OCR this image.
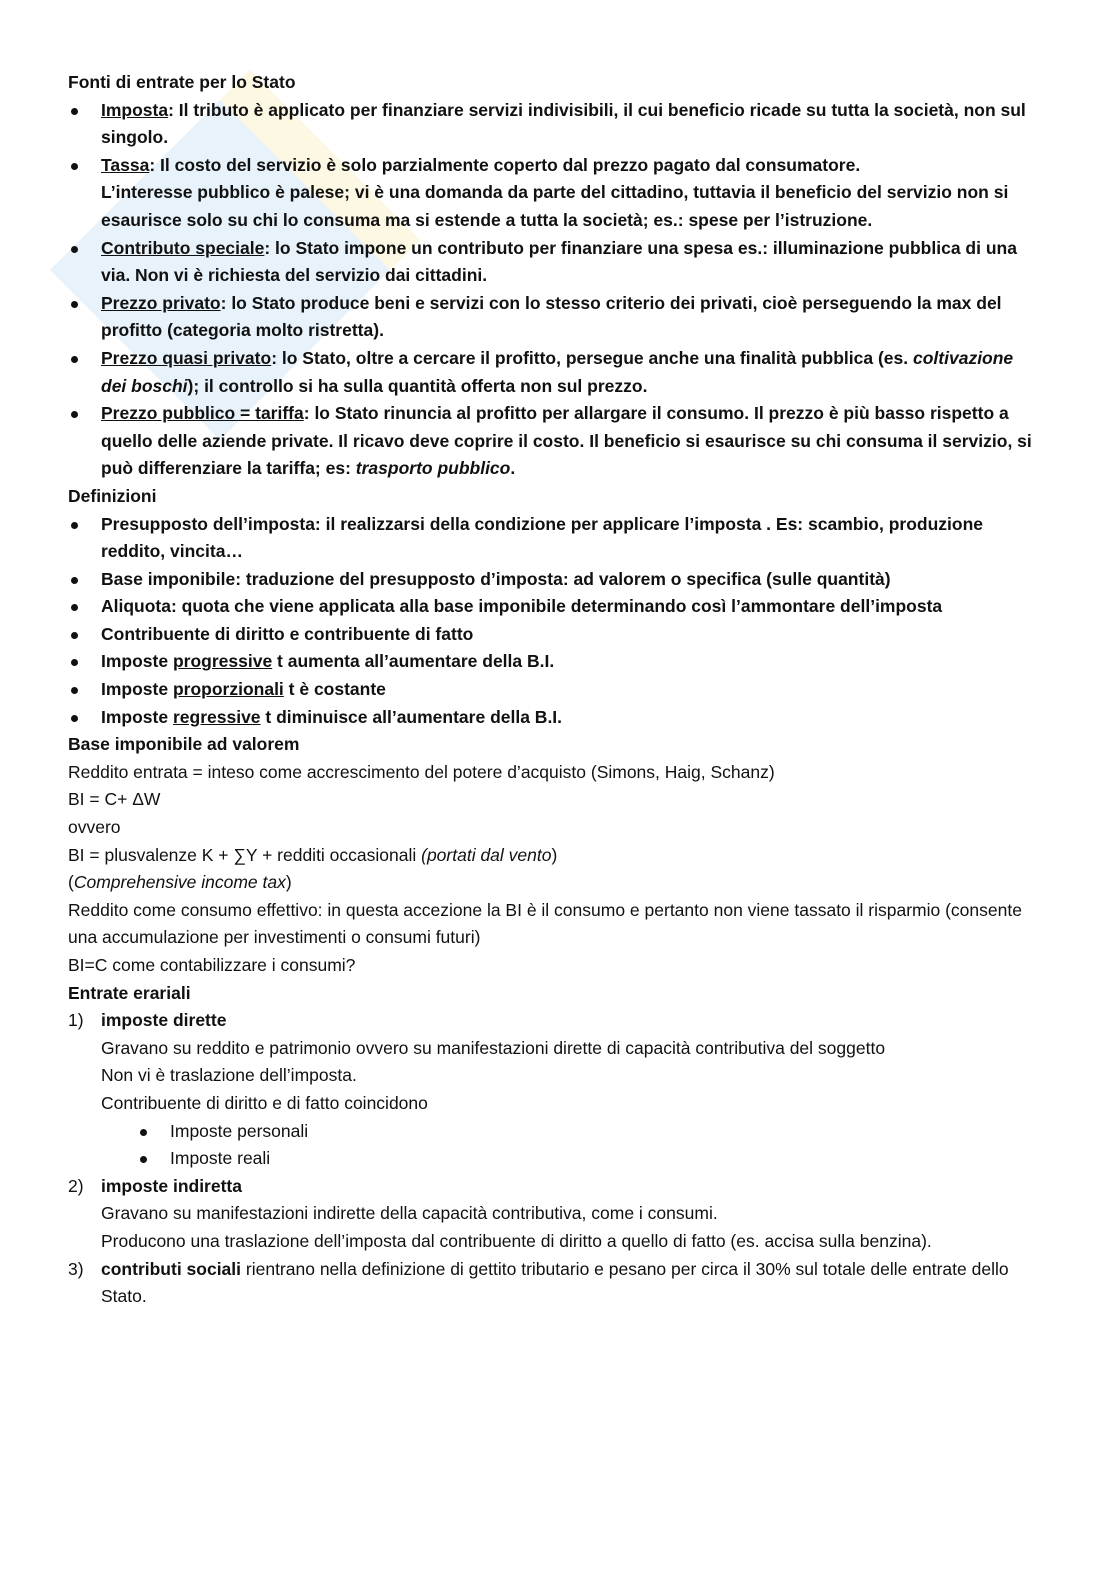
Fonti di entrate per lo Stato
Imposta: Il tributo è applicato per finanziare servizi indivisibili, il cui beneficio ricade su tutta la società, non sul singolo.
Tassa: Il costo del servizio è solo parzialmente coperto dal prezzo pagato dal consumatore.
L’interesse pubblico è palese; vi è una domanda da parte del cittadino, tuttavia il beneficio del servizio non si esaurisce solo su chi lo consuma ma si estende a tutta la società; es.: spese per l’istruzione.
Contributo speciale: lo Stato impone un contributo per finanziare una spesa es.: illuminazione pubblica di una via. Non vi è richiesta del servizio dai cittadini.
Prezzo privato: lo Stato produce beni e servizi con lo stesso criterio dei privati, cioè perseguendo la max del profitto (categoria molto ristretta).
Prezzo quasi privato: lo Stato, oltre a cercare il profitto, persegue anche una finalità pubblica (es. coltivazione dei boschi); il controllo si ha sulla quantità offerta non sul prezzo.
Prezzo pubblico = tariffa: lo Stato rinuncia al profitto per allargare il consumo. Il prezzo è più basso rispetto a quello delle aziende private. Il ricavo deve coprire il costo. Il beneficio si esaurisce su chi consuma il servizio, si può differenziare la tariffa; es: trasporto pubblico.
Definizioni
Presupposto dell’imposta: il realizzarsi della condizione per applicare l’imposta . Es: scambio, produzione reddito, vincita…
Base imponibile: traduzione del presupposto d’imposta: ad valorem o specifica (sulle quantità)
Aliquota: quota che viene applicata alla base imponibile determinando così l’ammontare dell’imposta
Contribuente di diritto e contribuente di fatto
Imposte progressive t aumenta all’aumentare della B.I.
Imposte proporzionali t è costante
Imposte regressive t diminuisce all’aumentare della B.I.
Base imponibile ad valorem

Reddito entrata = inteso come accrescimento del potere d’acquisto (Simons, Haig, Schanz)

BI = C+ ΔW

ovvero

BI = plusvalenze K + ∑Y + redditi occasionali (portati dal vento)

(Comprehensive income tax)

Reddito come consumo effettivo: in questa accezione la BI è il consumo e pertanto non viene tassato il risparmio (consente una accumulazione per investimenti o consumi futuri)

BI=C come contabilizzare i consumi?

Entrate erariali
1) imposte dirette
Gravano su reddito e patrimonio ovvero su manifestazioni dirette di capacità contributiva del soggetto
Non vi è traslazione dell’imposta.
Contribuente di diritto e di fatto coincidono
Imposte personali
Imposte reali
2) imposte indiretta
Gravano su manifestazioni indirette della capacità contributiva, come i consumi.
Producono una traslazione dell’imposta dal contribuente di diritto a quello di fatto (es. accisa sulla benzina).
3) contributi sociali rientrano nella definizione di gettito tributario e pesano per circa il 30% sul totale delle entrate dello Stato.
